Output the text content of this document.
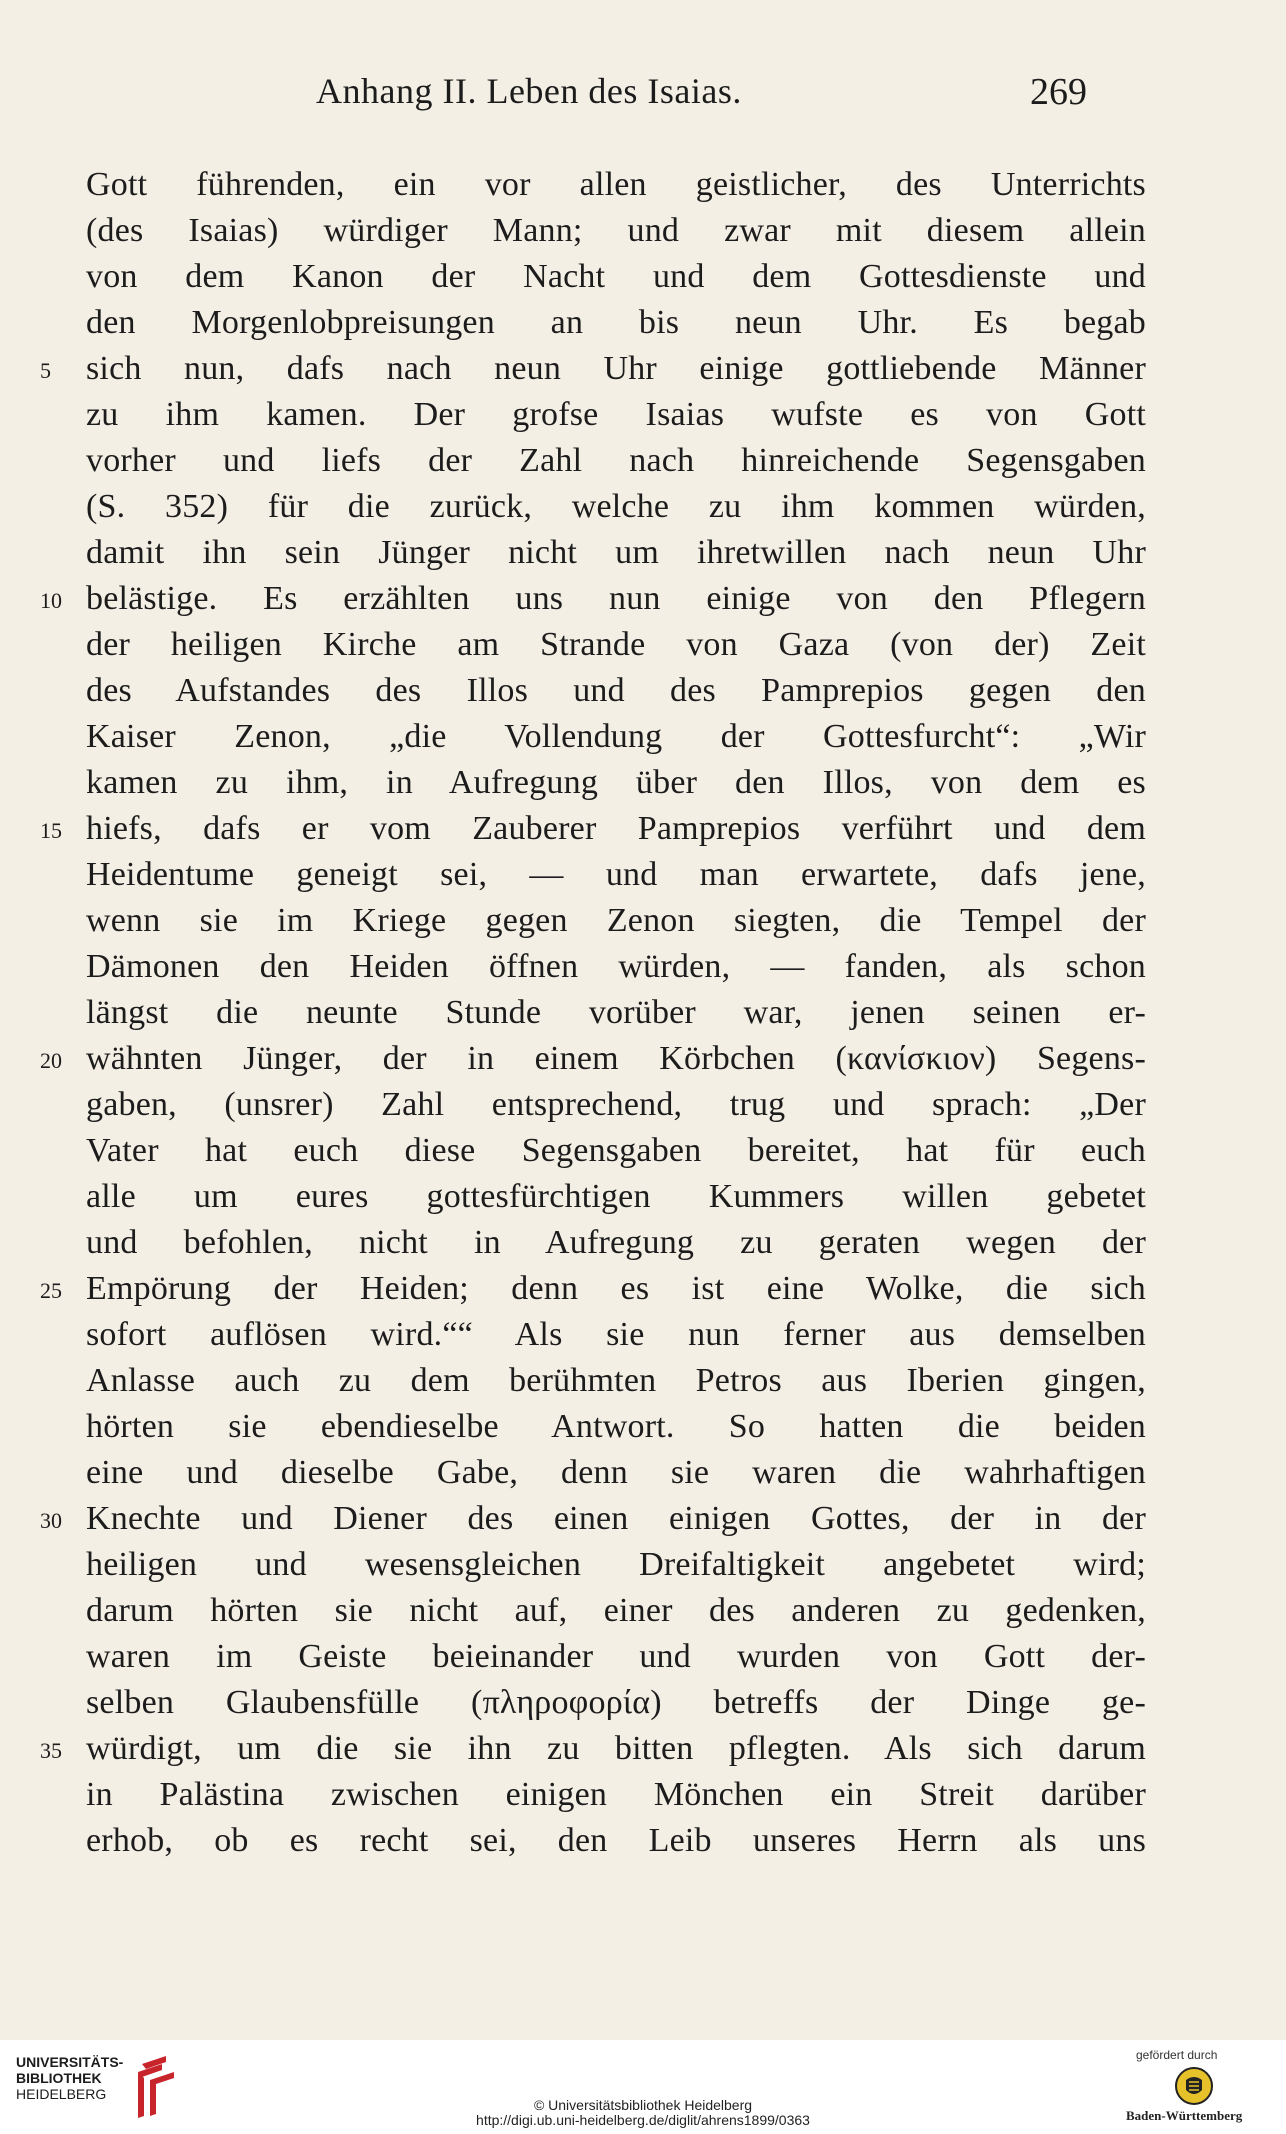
Anhang II. Leben des Isaias.	269
Gott führenden, ein vor allen geistlicher, des Unterrichts
(des Isaias) würdiger Mann; und zwar mit diesem allein
von dem Kanon der Nacht und dem Gottesdienste und
den Morgenlobpreisungen an bis neun Uhr. Es begab
5	sich nun, dafs nach neun Uhr einige gottliebende Männer
zu ihm kamen. Der grofse Isaias wufste es von Gott
vorher und liefs der Zahl nach hinreichende Segensgaben
(S. 352) für die zurück, welche zu ihm kommen würden,
damit ihn sein Jünger nicht um ihretwillen nach neun Uhr
10 belästige. Es erzählten uns nun einige von den Pflegern
der heiligen Kirche am Strande von Gaza (von der) Zeit
des Aufstandes des Illos und des Pamprepios gegen den
Kaiser Zenon, „die Vollendung der Gottesfurcht“: „Wir
kamen zu ihm, in Aufregung über den Illos, von dem es
15 hiefs, dafs er vom Zauberer Pamprepios verführt und dem
Heidentume geneigt sei, — und man erwartete, dafs jene,
wenn sie im Kriege gegen Zenon siegten, die Tempel der
Dämonen den Heiden öffnen würden, — fanden, als schon
längst die neunte Stunde vorüber war, jenen seinen er-
20 wähnten Jünger, der in einem Körbchen (κανίσκιον) Segens-
gaben, (unsrer) Zahl entsprechend, trug und sprach: „Der
Vater hat euch diese Segensgaben bereitet, hat für euch
alle um eures gottesfürchtigen Kummers willen gebetet
und befohlen, nicht in Aufregung zu geraten wegen der
25 Empörung der Heiden; denn es ist eine Wolke, die sich
sofort auflösen wird.““ Als sie nun ferner aus demselben
Anlasse auch zu dem berühmten Petros aus Iberien gingen,
hörten sie ebendieselbe Antwort. So hatten die beiden
eine und dieselbe Gabe, denn sie waren die wahrhaftigen
30 Knechte und Diener des einen einigen Gottes, der in der
heiligen und wesensgleichen Dreifaltigkeit angebetet wird;
darum hörten sie nicht auf, einer des anderen zu gedenken,
waren im Geiste beieinander und wurden von Gott der-
selben Glaubensfülle (πληροφορία) betreffs der Dinge ge-
35 würdigt, um die sie ihn zu bitten pflegten. Als sich darum
in Palästina zwischen einigen Mönchen ein Streit darüber
erhob, ob es recht sei, den Leib unseres Herrn als uns
UNIVERSITÄTS-
BIBLIOTHEK
HEIDELBERG
© Universitätsbibliothek Heidelberg
http://digi.ub.uni-heidelberg.de/diglit/ahrens1899/0363
gefördert durch
Baden-Württemberg
